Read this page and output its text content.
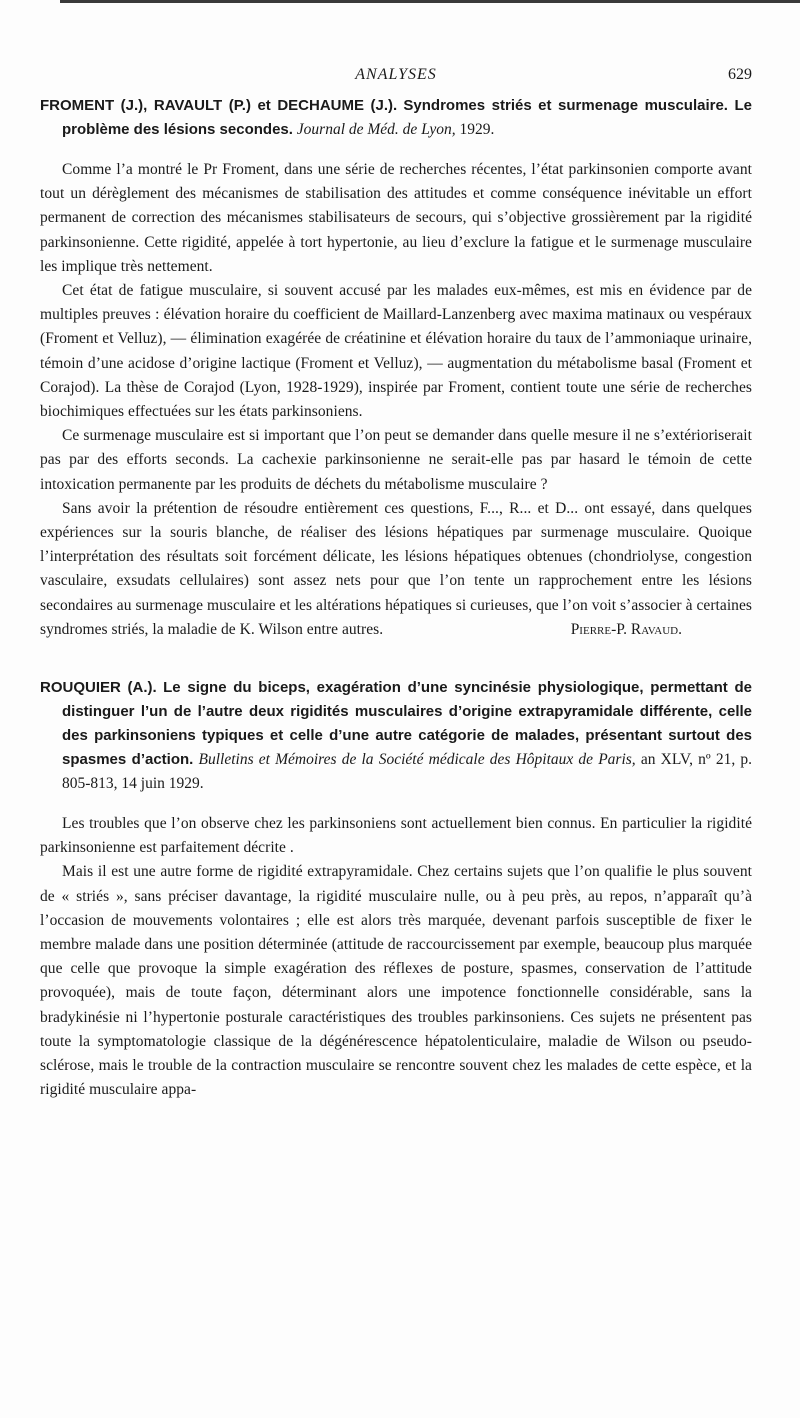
ANALYSES	629

FROMENT (J.), RAVAULT (P.) et DECHAUME (J.). Syndromes striés et surmenage musculaire. Le problème des lésions secondes. Journal de Méd. de Lyon, 1929.

Comme l’a montré le Pr Froment, dans une série de recherches récentes, l’état parkinsonien comporte avant tout un dérèglement des mécanismes de stabilisation des attitudes et comme conséquence inévitable un effort permanent de correction des mécanismes stabilisateurs de secours, qui s’objective grossièrement par la rigidité parkinsonienne. Cette rigidité, appelée à tort hypertonie, au lieu d’exclure la fatigue et le surmenage musculaire les implique très nettement.

Cet état de fatigue musculaire, si souvent accusé par les malades eux-mêmes, est mis en évidence par de multiples preuves : élévation horaire du coefficient de Maillard-Lanzenberg avec maxima matinaux ou vespéraux (Froment et Velluz), — élimination exagérée de créatinine et élévation horaire du taux de l’ammoniaque urinaire, témoin d’une acidose d’origine lactique (Froment et Velluz), — augmentation du métabolisme basal (Froment et Corajod). La thèse de Corajod (Lyon, 1928-1929), inspirée par Froment, contient toute une série de recherches biochimiques effectuées sur les états parkinsoniens.

Ce surmenage musculaire est si important que l’on peut se demander dans quelle mesure il ne s’extérioriserait pas par des efforts seconds. La cachexie parkinsonienne ne serait-elle pas par hasard le témoin de cette intoxication permanente par les produits de déchets du métabolisme musculaire ?

Sans avoir la prétention de résoudre entièrement ces questions, F..., R... et D... ont essayé, dans quelques expériences sur la souris blanche, de réaliser des lésions hépatiques par surmenage musculaire. Quoique l’interprétation des résultats soit forcément délicate, les lésions hépatiques obtenues (chondriolyse, congestion vasculaire, exsudats cellulaires) sont assez nets pour que l’on tente un rapprochement entre les lésions secondaires au surmenage musculaire et les altérations hépatiques si curieuses, que l’on voit s’associer à certaines syndromes striés, la maladie de K. Wilson entre autres.	Pierre-P. Ravaud.

ROUQUIER (A.). Le signe du biceps, exagération d’une syncinésie physiologique, permettant de distinguer l’un de l’autre deux rigidités musculaires d’origine extrapyramidale différente, celle des parkinsoniens typiques et celle d’une autre catégorie de malades, présentant surtout des spasmes d’action. Bulletins et Mémoires de la Société médicale des Hôpitaux de Paris, an XLV, nº 21, p. 805-813, 14 juin 1929.

Les troubles que l’on observe chez les parkinsoniens sont actuellement bien connus. En particulier la rigidité parkinsonienne est parfaitement décrite .

Mais il est une autre forme de rigidité extrapyramidale. Chez certains sujets que l’on qualifie le plus souvent de « striés », sans préciser davantage, la rigidité musculaire nulle, ou à peu près, au repos, n’apparaît qu’à l’occasion de mouvements volontaires ; elle est alors très marquée, devenant parfois susceptible de fixer le membre malade dans une position déterminée (attitude de raccourcissement par exemple, beaucoup plus marquée que celle que provoque la simple exagération des réflexes de posture, spasmes, conservation de l’attitude provoquée), mais de toute façon, déterminant alors une impotence fonctionnelle considérable, sans la bradykinésie ni l’hypertonie posturale caractéristiques des troubles parkinsoniens. Ces sujets ne présentent pas toute la symptomatologie classique de la dégénérescence hépatolenticulaire, maladie de Wilson ou pseudo-sclérose, mais le trouble de la contraction musculaire se rencontre souvent chez les malades de cette espèce, et la rigidité musculaire appa-
